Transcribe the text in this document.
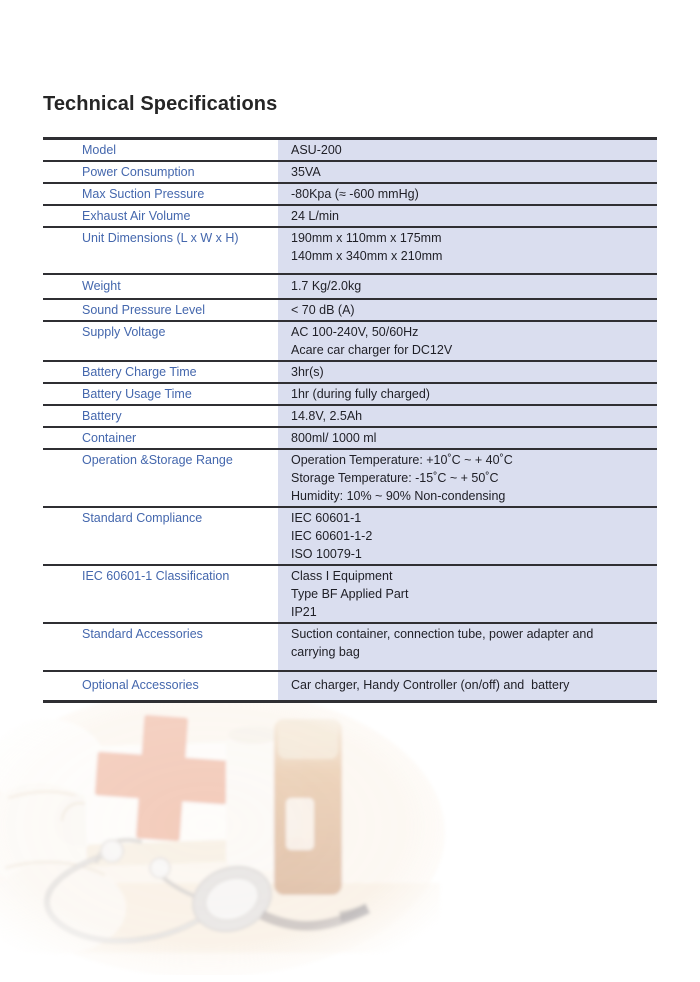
Technical Specifications
Model	ASU-200
Power Consumption	35VA
Max Suction Pressure	-80Kpa (≈ -600 mmHg)
Exhaust Air Volume	24 L/min
Unit Dimensions (L x W x H)	190mm x 110mm x 175mm
140mm x 340mm x 210mm
Weight	1.7 Kg/2.0kg
Sound Pressure Level	< 70 dB (A)
Supply Voltage	AC 100-240V, 50/60Hz
Acare car charger for DC12V
Battery Charge Time	3hr(s)
Battery Usage Time	1hr (during fully charged)
Battery	14.8V, 2.5Ah
Container	800ml/ 1000 ml
Operation &Storage Range	Operation Temperature: +10˚C ~ + 40˚C
Storage Temperature: -15˚C ~ + 50˚C
Humidity: 10% ~ 90% Non-condensing
Standard Compliance	IEC 60601-1
IEC 60601-1-2
ISO 10079-1
IEC 60601-1 Classification	Class I Equipment
Type BF Applied Part
IP21
Standard Accessories	Suction container, connection tube, power adapter and
carrying bag
Optional Accessories	Car charger, Handy Controller (on/off) and  battery
